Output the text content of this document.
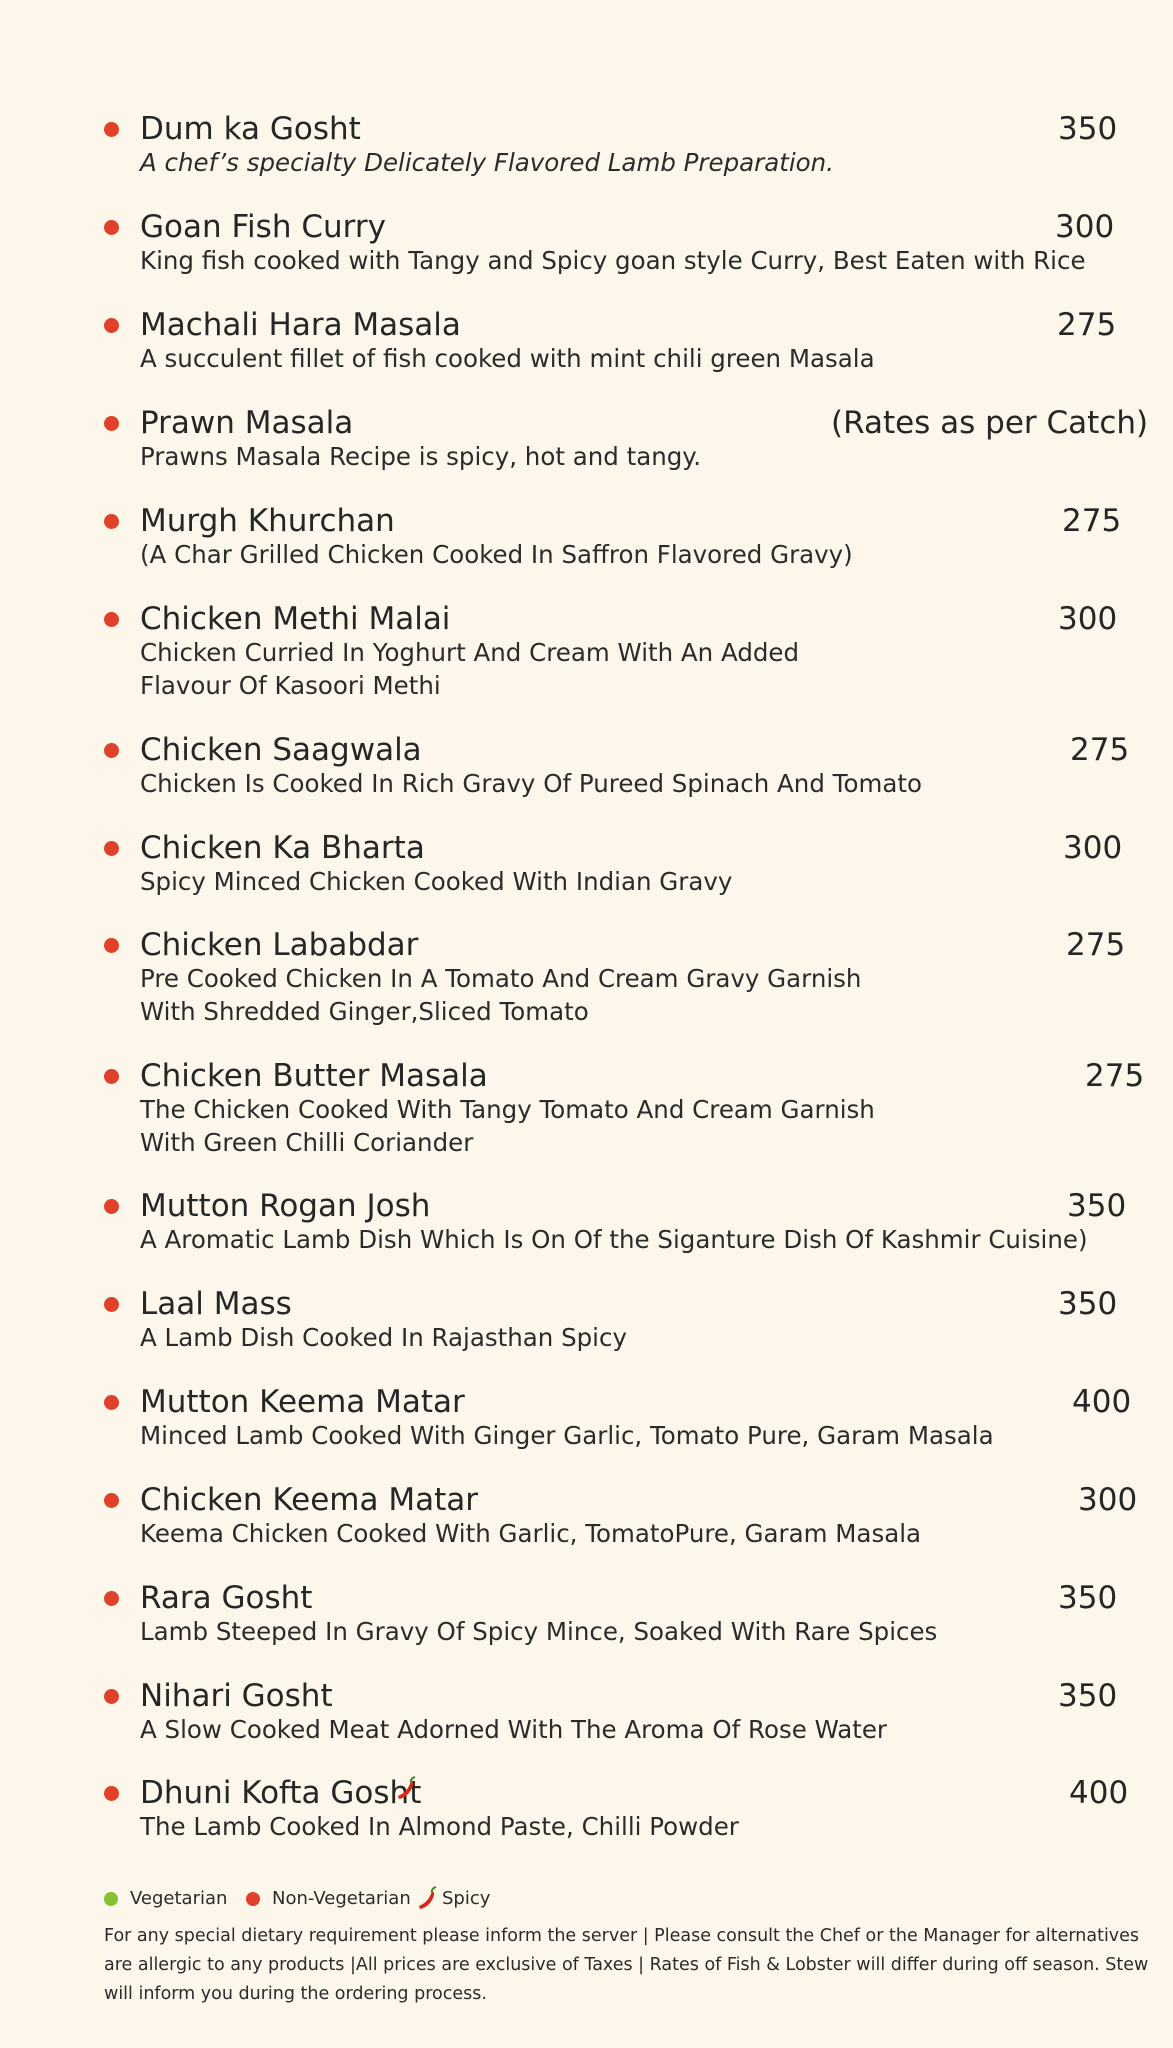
Dum ka Gosht	350
A chef’s specialty Delicately Flavored Lamb Preparation.
Goan Fish Curry	300
King fish cooked with Tangy and Spicy goan style Curry, Best Eaten with Rice
Machali Hara Masala	275
A succulent fillet of fish cooked with mint chili green Masala
Prawn Masala	(Rates as per Catch)
Prawns Masala Recipe is spicy, hot and tangy.
Murgh Khurchan	275
(A Char Grilled Chicken Cooked In Saffron Flavored Gravy)
Chicken Methi Malai	300
Chicken Curried In Yoghurt And Cream With An Added
Flavour Of Kasoori Methi
Chicken Saagwala	275
Chicken Is Cooked In Rich Gravy Of Pureed Spinach And Tomato
Chicken Ka Bharta	300
Spicy Minced Chicken Cooked With Indian Gravy
Chicken Lababdar	275
Pre Cooked Chicken In A Tomato And Cream Gravy Garnish
With Shredded Ginger,Sliced Tomato
Chicken Butter Masala	275
The Chicken Cooked With Tangy Tomato And Cream Garnish
With Green Chilli Coriander
Mutton Rogan Josh	350
A Aromatic Lamb Dish Which Is On Of the Siganture Dish Of Kashmir Cuisine)
Laal Mass	350
A Lamb Dish Cooked In Rajasthan Spicy
Mutton Keema Matar	400
Minced Lamb Cooked With Ginger Garlic, Tomato Pure, Garam Masala
Chicken Keema Matar	300
Keema Chicken Cooked With Garlic, TomatoPure, Garam Masala
Rara Gosht	350
Lamb Steeped In Gravy Of Spicy Mince, Soaked With Rare Spices
Nihari Gosht	350
A Slow Cooked Meat Adorned With The Aroma Of Rose Water
Dhuni Kofta Gosht	400
The Lamb Cooked In Almond Paste, Chilli Powder
Vegetarian Non-Vegetarian Spicy
For any special dietary requirement please inform the server | Please consult the Chef or the Manager for alternatives
are allergic to any products |All prices are exclusive of Taxes | Rates of Fish & Lobster will differ during off season. Stew
will inform you during the ordering process.
